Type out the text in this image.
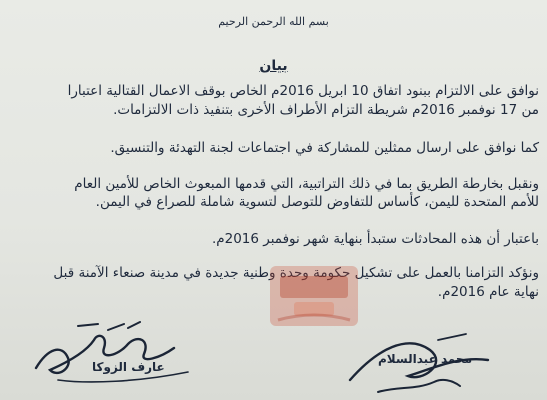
بسم الله الرحمن الرحيم
بيان
نوافق على الالتزام ببنود اتفاق 10 ابريل 2016م الخاص بوقف الاعمال القتالية اعتبارا
من 17 نوفمبر 2016م شريطة التزام الأطراف الأخرى بتنفيذ ذات الالتزامات.
كما نوافق على ارسال ممثلين للمشاركة في اجتماعات لجنة التهدئة والتنسيق.
ونقبل بخارطة الطريق بما في ذلك التراتبية، التي قدمها المبعوث الخاص للأمين العام
للأمم المتحدة لليمن، كأساس للتفاوض للتوصل لتسوية شاملة للصراع في اليمن.
باعتبار أن هذه المحادثات ستبدأ بنهاية شهر نوفمبر 2016م.
ونؤكد التزامنا بالعمل على تشكيل حكومة وحدة وطنية جديدة في مدينة صنعاء الآمنة قبل
نهاية عام 2016م.
عارف الزوكا
محمد عبدالسلام
